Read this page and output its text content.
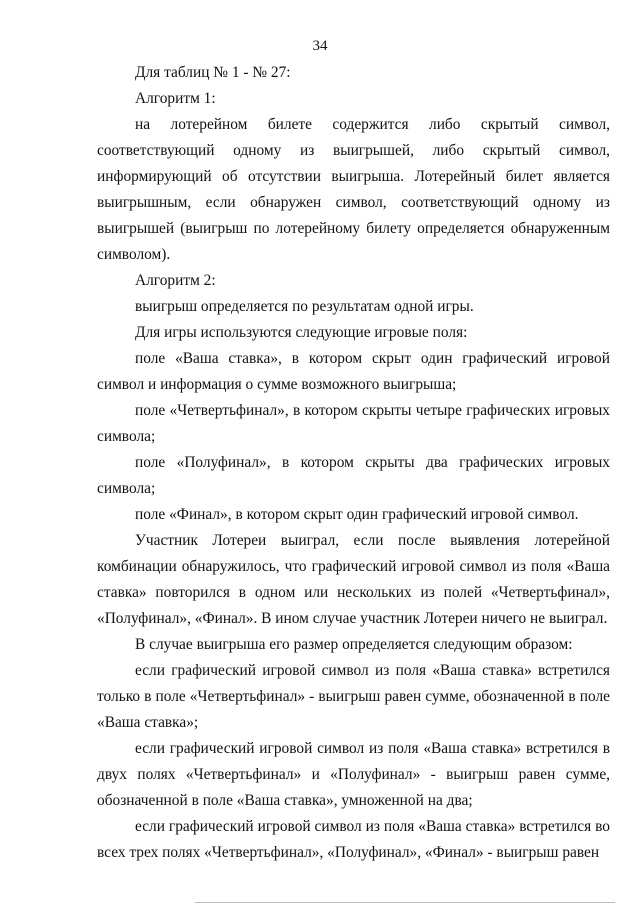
34

Для таблиц № 1 - № 27:

Алгоритм 1:

на лотерейном билете содержится либо скрытый символ, соответствующий одному из выигрышей, либо скрытый символ, информирующий об отсутствии выигрыша. Лотерейный билет является выигрышным, если обнаружен символ, соответствующий одному из выигрышей (выигрыш по лотерейному билету определяется обнаруженным символом).

Алгоритм 2:

выигрыш определяется по результатам одной игры.

Для игры используются следующие игровые поля:

поле «Ваша ставка», в котором скрыт один графический игровой символ и информация о сумме возможного выигрыша;

поле «Четвертьфинал», в котором скрыты четыре графических игровых символа;

поле «Полуфинал», в котором скрыты два графических игровых символа;

поле «Финал», в котором скрыт один графический игровой символ.

Участник Лотереи выиграл, если после выявления лотерейной комбинации обнаружилось, что графический игровой символ из поля «Ваша ставка» повторился в одном или нескольких из полей «Четвертьфинал», «Полуфинал», «Финал». В ином случае участник Лотереи ничего не выиграл.

В случае выигрыша его размер определяется следующим образом:

если графический игровой символ из поля «Ваша ставка» встретился только в поле «Четвертьфинал» - выигрыш равен сумме, обозначенной в поле «Ваша ставка»;

если графический игровой символ из поля «Ваша ставка» встретился в двух полях «Четвертьфинал» и «Полуфинал» - выигрыш равен сумме, обозначенной в поле «Ваша ставка», умноженной на два;

если графический игровой символ из поля «Ваша ставка» встретился во всех трех полях «Четвертьфинал», «Полуфинал», «Финал» - выигрыш равен
